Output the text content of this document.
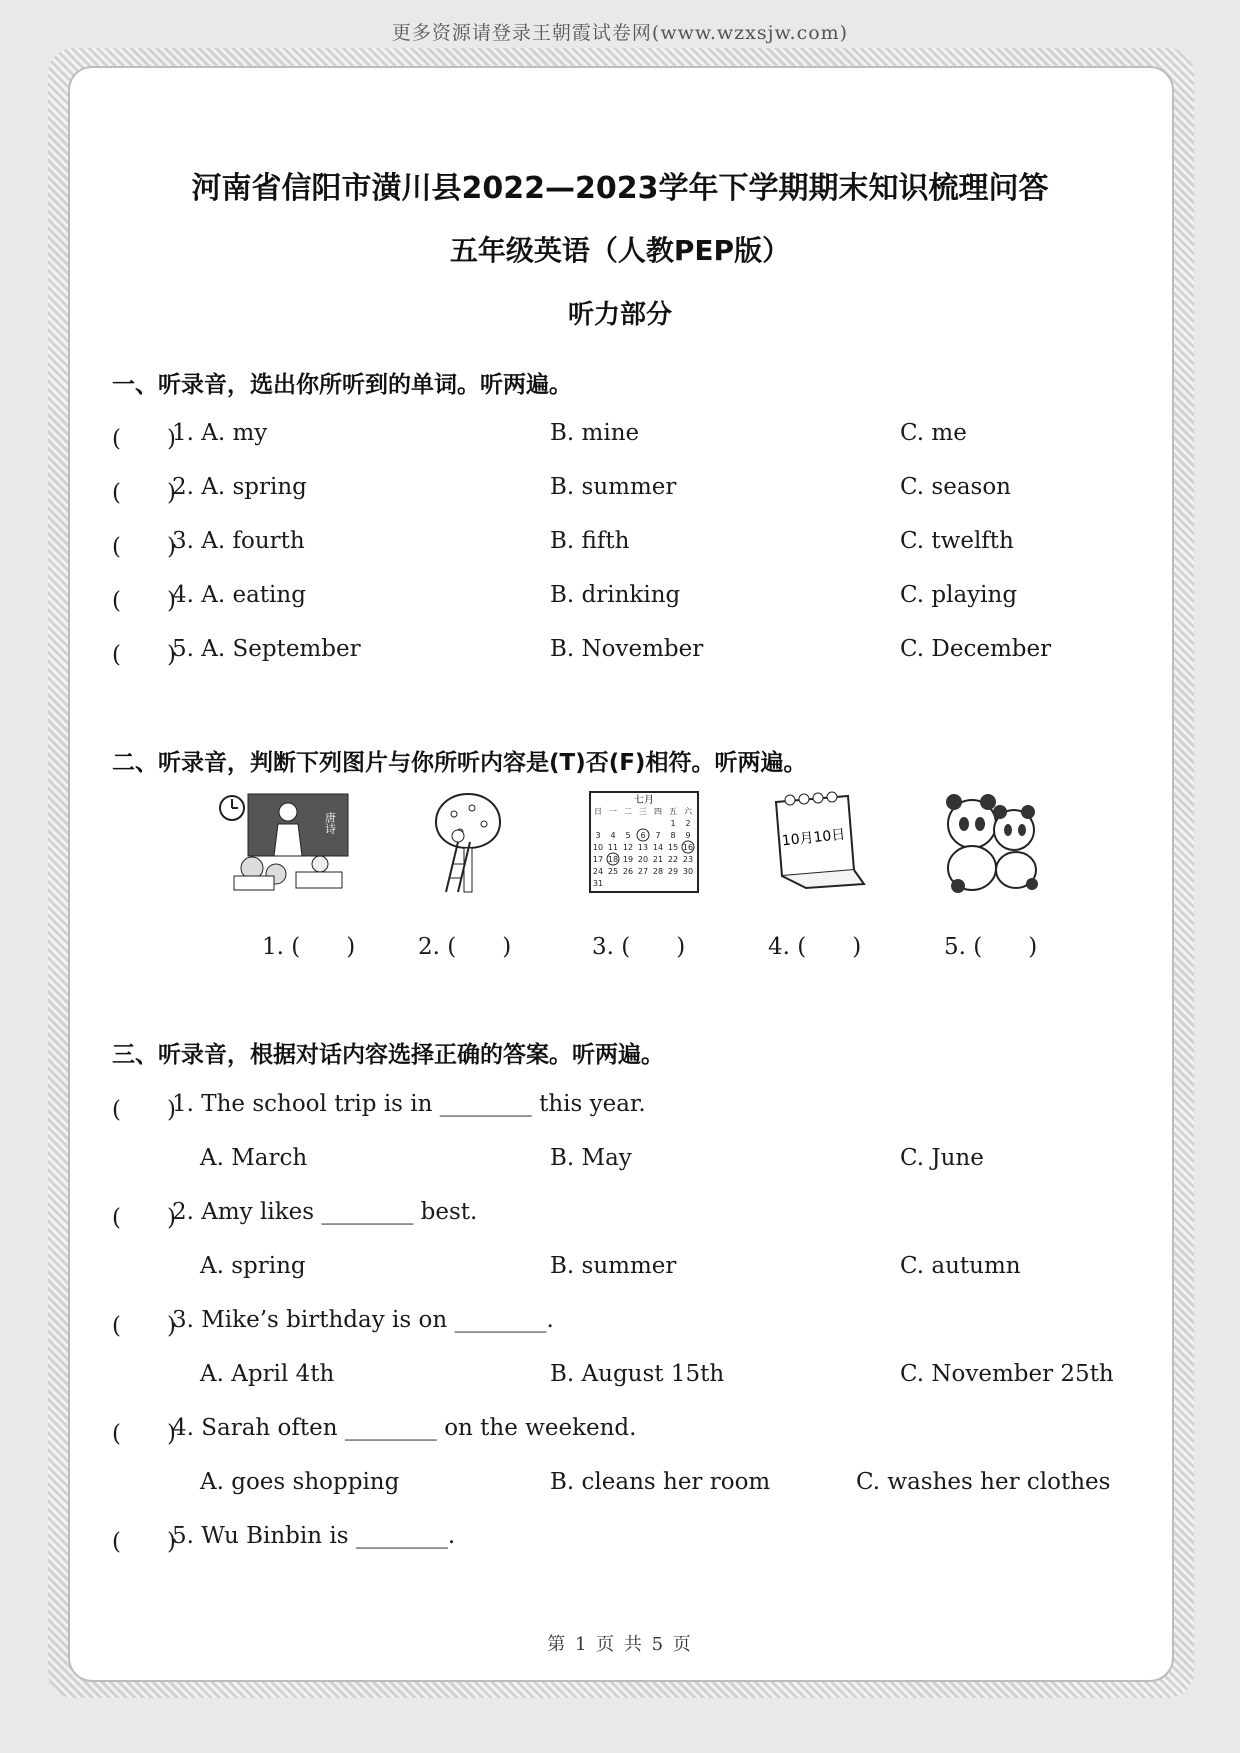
更多资源请登录王朝霞试卷网(www.wzxsjw.com)
河南省信阳市潢川县2022—2023学年下学期期末知识梳理问答
五年级英语（人教PEP版）
听力部分
一、听录音，选出你所听到的单词。听两遍。
(　　)
1. A. my	B. mine	C. me
(　　)
2. A. spring	B. summer	C. season
(　　)
3. A. fourth	B. fifth	C. twelfth
(　　)
4. A. eating	B. drinking	C. playing
(　　)
5. A. September	B. November	C. December
二、听录音，判断下列图片与你所听内容是(T)否(F)相符。听两遍。
唐诗
七月
日 一 二 三 四 五 六
1 2
3 4 5 6 7 8 9
10 11 12 13 14 15 16
17 18 19 20 21 22 23
24 25 26 27 28 29 30
31
10月10日
1. (　　)	2. (　　)	3. (　　)	4. (　　)	5. (　　)
三、听录音，根据对话内容选择正确的答案。听两遍。
(　　)
1. The school trip is in ________ this year.
A. March	B. May	C. June
(　　)
2. Amy likes ________ best.
A. spring	B. summer	C. autumn
(　　)
3. Mike’s birthday is on ________.
A. April 4th	B. August 15th	C. November 25th
(　　)
4. Sarah often ________ on the weekend.
A. goes shopping	B. cleans her room	C. washes her clothes
(　　)
5. Wu Binbin is ________.
第 1 页 共 5 页
